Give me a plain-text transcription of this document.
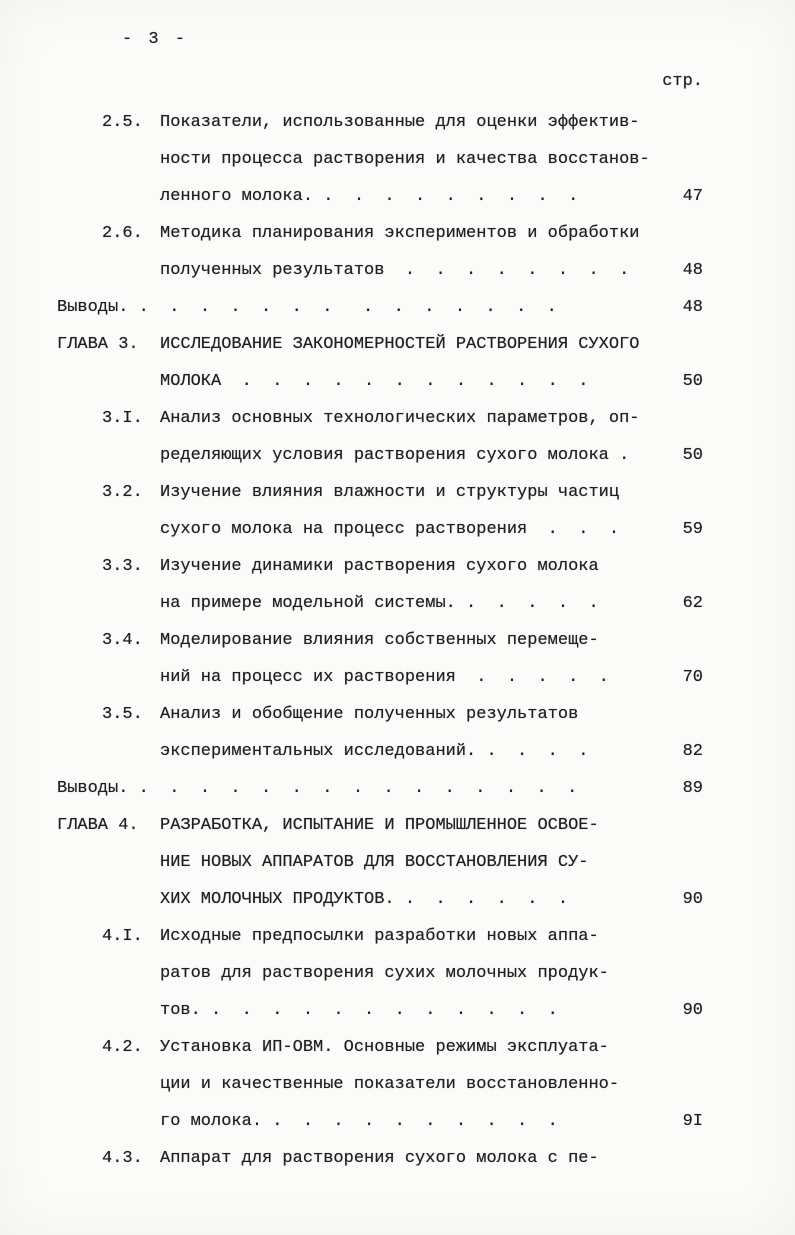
- 3 -
стр.
2.5.	Показатели, использованные для оценки эффектив-
ности процесса растворения и качества восстанов-
ленного молока. .  .  .  .  .  .  .  .  .	47
2.6.	Методика планирования экспериментов и обработки
полученных результатов  .  .  .  .  .  .  .  .	48
Выводы. .  .  .  .  .  .  .   .  .  .  .  .  .  .	48
ГЛАВА 3.	ИССЛЕДОВАНИЕ ЗАКОНОМЕРНОСТЕЙ РАСТВОРЕНИЯ СУХОГО
МОЛОКА  .  .  .  .  .  .  .  .  .  .  .  .	50
3.I.	Анализ основных технологических параметров, оп-
ределяющих условия растворения сухого молока .	50
3.2.	Изучение влияния влажности и структуры частиц
сухого молока на процесс растворения  .  .  .	59
3.3.	Изучение динамики растворения сухого молока
на примере модельной системы. .  .  .  .  .	62
3.4.	Моделирование влияния собственных перемеще-
ний на процесс их растворения  .  .  .  .  .	70
3.5.	Анализ и обобщение полученных результатов
экспериментальных исследований. .  .  .  .	82
Выводы. .  .  .  .  .  .  .  .  .  .  .  .  .  .  .	89
ГЛАВА 4.	РАЗРАБОТКА, ИСПЫТАНИЕ И ПРОМЫШЛЕННОЕ ОСВОЕ-
НИЕ НОВЫХ АППАРАТОВ ДЛЯ ВОССТАНОВЛЕНИЯ СУ-
ХИХ МОЛОЧНЫХ ПРОДУКТОВ. .  .  .  .  .  .	90
4.I.	Исходные предпосылки разработки новых аппа-
ратов для растворения сухих молочных продук-
тов. .  .  .  .  .  .  .  .  .  .  .  .	90
4.2.	Установка ИП-ОВМ. Основные режимы эксплуата-
ции и качественные показатели восстановленно-
го молока. .  .  .  .  .  .  .  .  .  .	9I
4.3.	Аппарат для растворения сухого молока с пе-
